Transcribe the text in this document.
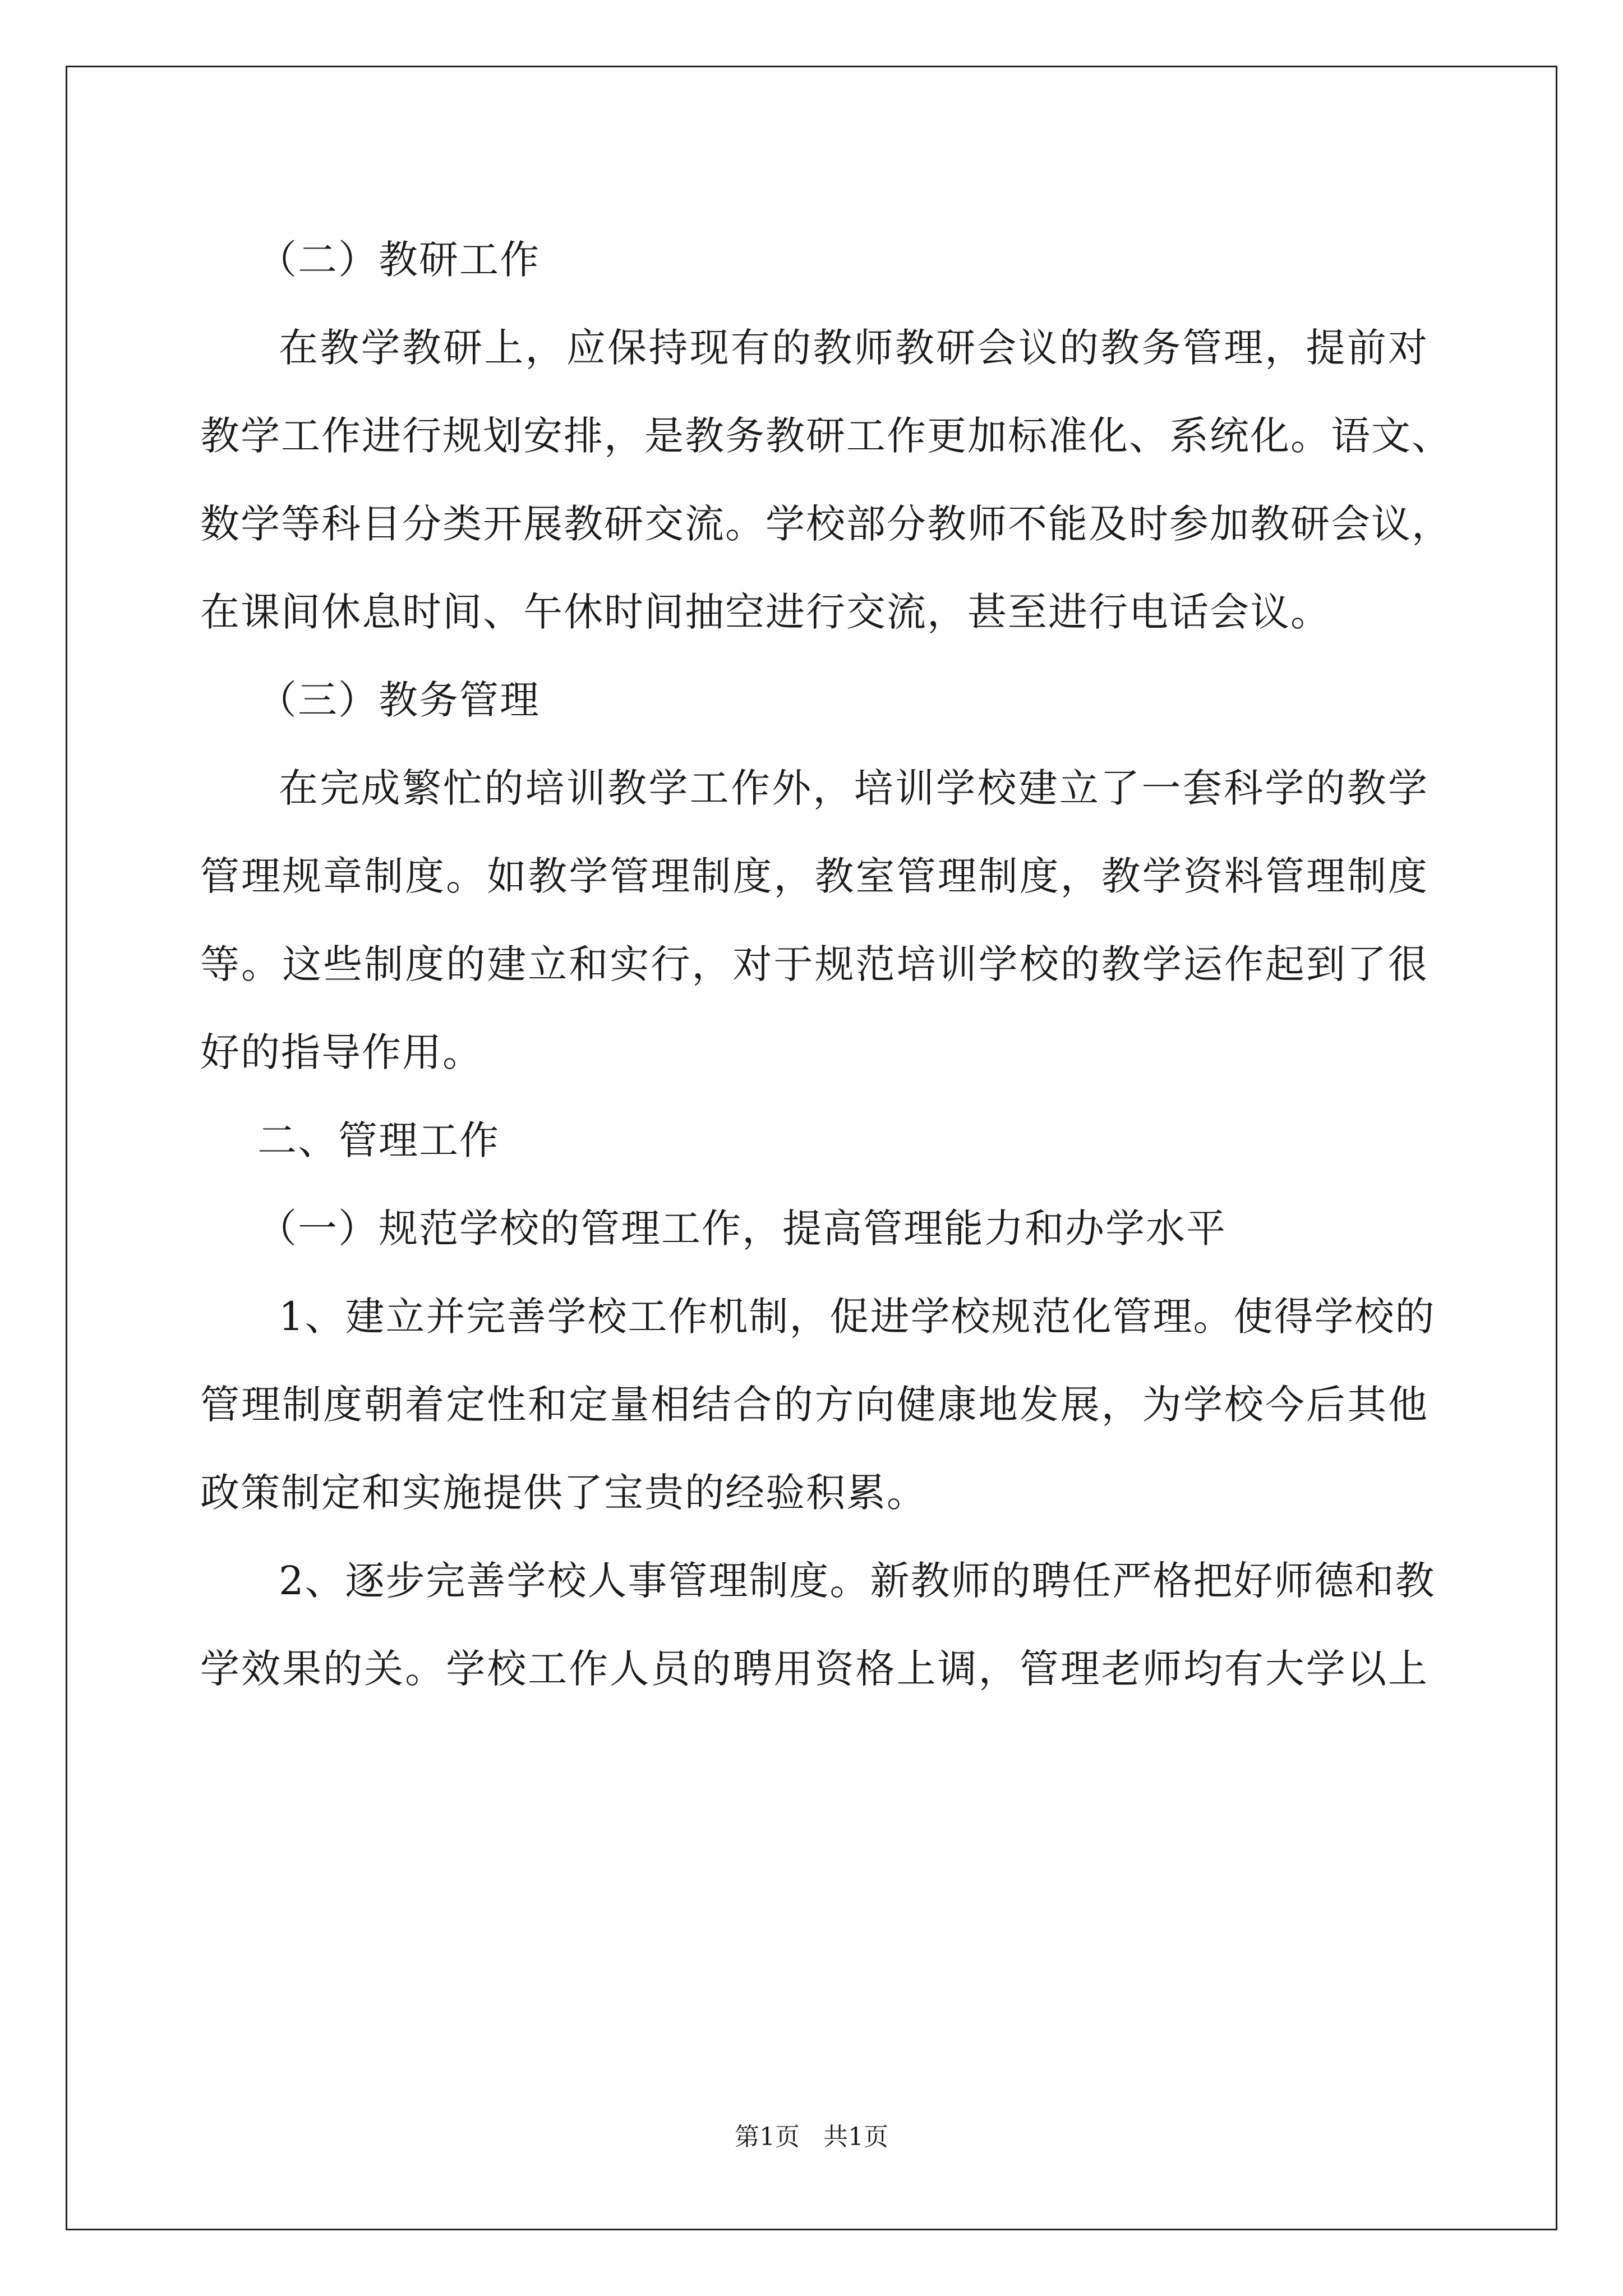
（二）教研工作

在教学教研上，应保持现有的教师教研会议的教务管理，提前对

教学工作进行规划安排，是教务教研工作更加标准化、系统化。语文、

数学等科目分类开展教研交流。学校部分教师不能及时参加教研会议，

在课间休息时间、午休时间抽空进行交流，甚至进行电话会议。

（三）教务管理

在完成繁忙的培训教学工作外，培训学校建立了一套科学的教学

管理规章制度。如教学管理制度，教室管理制度，教学资料管理制度

等。这些制度的建立和实行，对于规范培训学校的教学运作起到了很

好的指导作用。

二、管理工作

（一）规范学校的管理工作，提高管理能力和办学水平

1、建立并完善学校工作机制，促进学校规范化管理。使得学校的

管理制度朝着定性和定量相结合的方向健康地发展，为学校今后其他

政策制定和实施提供了宝贵的经验积累。

2、逐步完善学校人事管理制度。新教师的聘任严格把好师德和教

学效果的关。学校工作人员的聘用资格上调，管理老师均有大学以上

第1页 共1页
